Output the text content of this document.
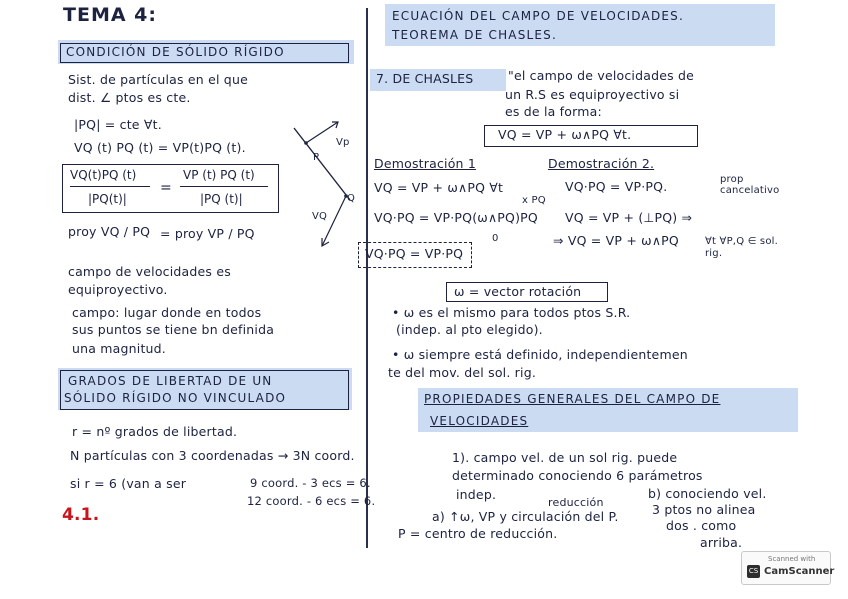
TEMA 4:
CONDICIÓN DE SÓLIDO RÍGIDO
Sist. de partículas en el que
dist. ∠ ptos es cte.
|PQ| = cte ∀t.
VQ (t) PQ (t) = VP(t)PQ (t).
VQ(t)PQ (t)
|PQ(t)|
=
VP (t) PQ (t)
|PQ (t)|
proy VQ / PQ = proy VP / PQ
campo de velocidades es
equiproyectivo.
campo: lugar donde en todos
sus puntos se tiene bn definida
una magnitud.
GRADOS DE LIBERTAD DE UN
SÓLIDO RÍGIDO NO VINCULADO
r = nº grados de libertad.
N partículas con 3 coordenadas → 3N coord.
si r = 6 (van a ser	9 coord. - 3 ecs = 6.
12 coord. - 6 ecs = 6.
4.1.
Vp
P
Q
VQ
ECUACIÓN DEL CAMPO DE VELOCIDADES.
TEOREMA DE CHASLES.
7. DE CHASLES	"el campo de velocidades de
un R.S es equiproyectivo si
es de la forma:
VQ = VP + ω∧PQ ∀t.
Demostración 1
VQ = VP + ω∧PQ ∀t
VQ·PQ = VP·PQ(ω∧PQ)PQ
x PQ
0
VQ·PQ = VP·PQ
Demostración 2.
VQ·PQ = VP·PQ.	prop cancelativo
VQ = VP + (⊥PQ) ⇒
⇒ VQ = VP + ω∧PQ	∀t ∀P,Q ∈ sol. rig.
ω = vector rotación
• ω es el mismo para todos ptos S.R.
(indep. al pto elegido).
• ω siempre está definido, independientemen
te del mov. del sol. rig.
PROPIEDADES GENERALES DEL CAMPO DE
VELOCIDADES
1). campo vel. de un sol rig. puede
determinado conociendo 6 parámetros
indep.
reducción
b) conociendo vel.
a) ↑ω, VP y circulación del P.	3 ptos no alinea
dos . como
arriba.
P = centro de reducción.
CS
Scanned with
CamScanner
